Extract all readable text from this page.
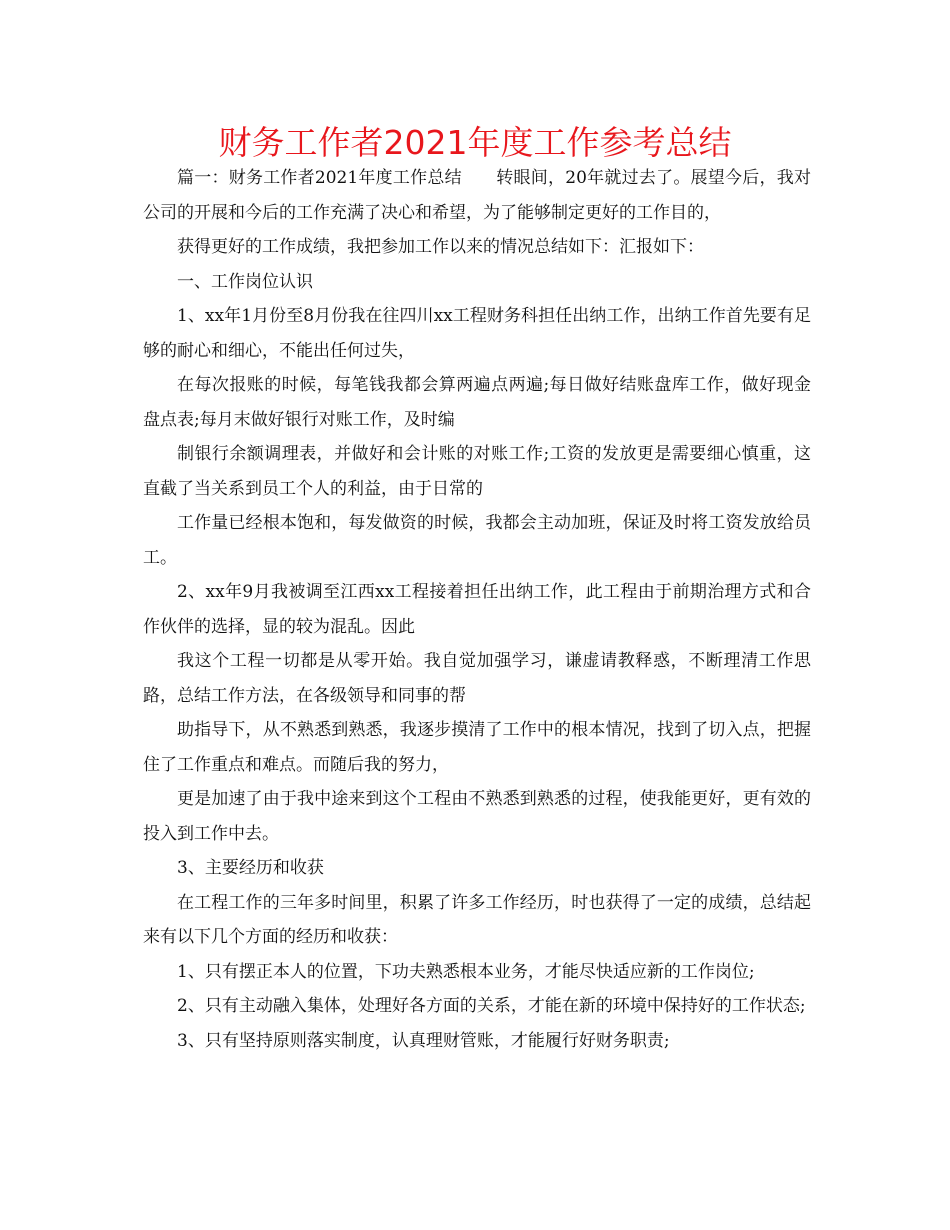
财务工作者2021年度工作参考总结

篇一：财务工作者2021年度工作总结　　转眼间，20年就过去了。展望今后，我对公司的开展和今后的工作充满了决心和希望，为了能够制定更好的工作目的，

获得更好的工作成绩，我把参加工作以来的情况总结如下：汇报如下：

一、工作岗位认识

1、xx年1月份至8月份我在往四川xx工程财务科担任出纳工作，出纳工作首先要有足够的耐心和细心，不能出任何过失，

在每次报账的时候，每笔钱我都会算两遍点两遍;每日做好结账盘库工作，做好现金盘点表;每月末做好银行对账工作，及时编

制银行余额调理表，并做好和会计账的对账工作;工资的发放更是需要细心慎重，这直截了当关系到员工个人的利益，由于日常的

工作量已经根本饱和，每发做资的时候，我都会主动加班，保证及时将工资发放给员工。

2、xx年9月我被调至江西xx工程接着担任出纳工作，此工程由于前期治理方式和合作伙伴的选择，显的较为混乱。因此

我这个工程一切都是从零开始。我自觉加强学习，谦虚请教释惑，不断理清工作思路，总结工作方法，在各级领导和同事的帮

助指导下，从不熟悉到熟悉，我逐步摸清了工作中的根本情况，找到了切入点，把握住了工作重点和难点。而随后我的努力，

更是加速了由于我中途来到这个工程由不熟悉到熟悉的过程，使我能更好，更有效的投入到工作中去。

3、主要经历和收获

在工程工作的三年多时间里，积累了许多工作经历，时也获得了一定的成绩，总结起来有以下几个方面的经历和收获：

1、只有摆正本人的位置，下功夫熟悉根本业务，才能尽快适应新的工作岗位;

2、只有主动融入集体，处理好各方面的关系，才能在新的环境中保持好的工作状态;

3、只有坚持原则落实制度，认真理财管账，才能履行好财务职责;
